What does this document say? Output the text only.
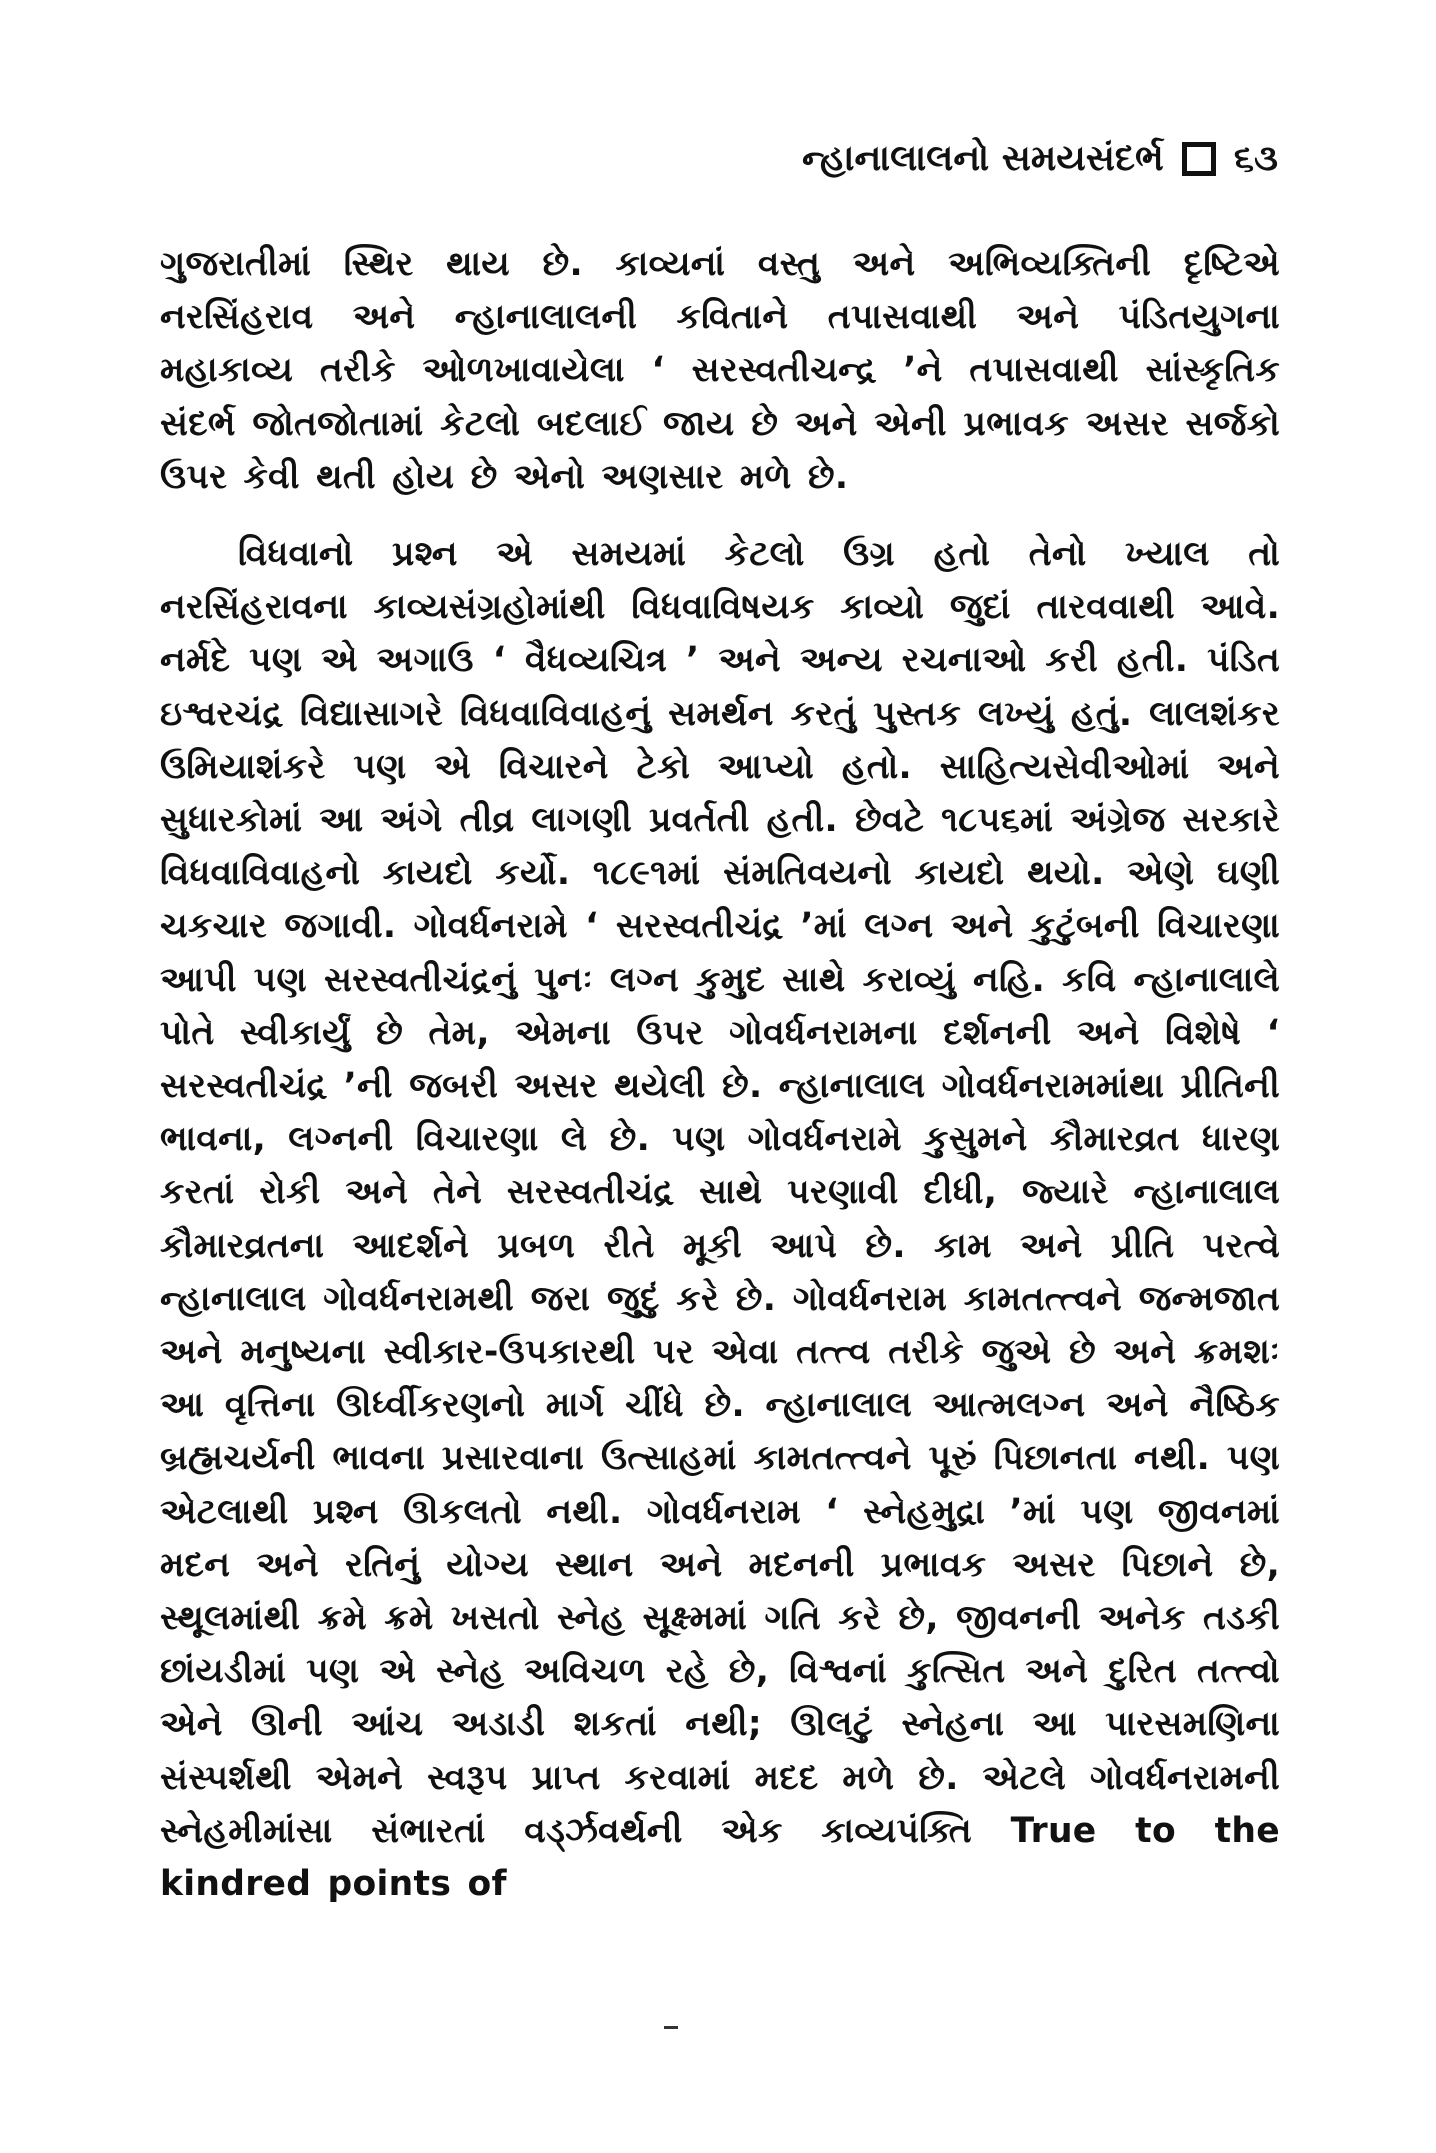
ન્હાનાલાલનો સમયસંદર્ભ ૬૩

ગુજરાતીમાં સ્થિર થાય છે. કાવ્યનાં વસ્તુ અને અભિવ્યક્તિની દૃષ્ટિએ નરસિંહરાવ અને ન્હાનાલાલની કવિતાને તપાસવાથી અને પંડિતયુગના મહાકાવ્ય તરીકે ઓળખાવાયેલા ‘ સરસ્વતીચન્દ્ર ’ને તપાસવાથી સાંસ્કૃતિક સંદર્ભ જોતજોતામાં કેટલો બદલાઈ જાય છે અને એની પ્રભાવક અસર સર્જકો ઉપર કેવી થતી હોય છે એનો અણસાર મળે છે.

વિધવાનો પ્રશ્ન એ સમયમાં કેટલો ઉગ્ર હતો તેનો ખ્યાલ તો નરસિંહરાવના કાવ્યસંગ્રહોમાંથી વિધવાવિષયક કાવ્યો જુદાં તારવવાથી આવે. નર્મદે પણ એ અગાઉ ‘ વૈધવ્યચિત્ર ’ અને અન્ય રચનાઓ કરી હતી. પંડિત ઇશ્વરચંદ્ર વિદ્યાસાગરે વિધવાવિવાહનું સમર્થન કરતું પુસ્તક લખ્યું હતું. લાલશંકર ઉમિયાશંકરે પણ એ વિચારને ટેકો આપ્યો હતો. સાહિત્યસેવીઓમાં અને સુધારકોમાં આ અંગે તીવ્ર લાગણી પ્રવર્તતી હતી. છેવટે ૧૮૫૬માં અંગ્રેજ સરકારે વિધવાવિવાહનો કાયદો કર્યો. ૧૮૯૧માં સંમતિવયનો કાયદો થયો. એણે ઘણી ચકચાર જગાવી. ગોવર્ધનરામે ‘ સરસ્વતીચંદ્ર ’માં લગ્ન અને કુટુંબની વિચારણા આપી પણ સરસ્વતીચંદ્રનું પુનઃ લગ્ન કુમુદ સાથે કરાવ્યું નહિ. કવિ ન્હાનાલાલે પોતે સ્વીકાર્યું છે તેમ, એમના ઉપર ગોવર્ધનરામના દર્શનની અને વિશેષે ‘ સરસ્વતીચંદ્ર ’ની જબરી અસર થયેલી છે. ન્હાનાલાલ ગોવર્ધનરામમાંથા પ્રીતિની ભાવના, લગ્નની વિચારણા લે છે. પણ ગોવર્ધનરામે કુસુમને કૌમારવ્રત ધારણ કરતાં રોકી અને તેને સરસ્વતીચંદ્ર સાથે પરણાવી દીધી, જ્યારે ન્હાનાલાલ કૌમારવ્રતના આદર્શને પ્રબળ રીતે મૂકી આપે છે. કામ અને પ્રીતિ પરત્વે ન્હાનાલાલ ગોવર્ધનરામથી જરા જુદું કરે છે. ગોવર્ધનરામ કામતત્ત્વને જન્મજાત અને મનુષ્યના સ્વીકાર-ઉપકારથી પર એવા તત્ત્વ તરીકે જુએ છે અને ક્રમશઃ આ વૃત્તિના ઊર્ધ્વીકરણનો માર્ગ ચીંધે છે. ન્હાનાલાલ આત્મલગ્ન અને નૈષ્ઠિક બ્રહ્મચર્યની ભાવના પ્રસારવાના ઉત્સાહમાં કામતત્ત્વને પૂરું પિછાનતા નથી. પણ એટલાથી પ્રશ્ન ઊકલતો નથી. ગોવર્ધનરામ ‘ સ્નેહમુદ્રા ’માં પણ જીવનમાં મદન અને રતિનું યોગ્ય સ્થાન અને મદનની પ્રભાવક અસર પિછાને છે, સ્થૂલમાંથી ક્રમે ક્રમે ખસતો સ્નેહ સૂક્ષ્મમાં ગતિ કરે છે, જીવનની અનેક તડકી છાંયડીમાં પણ એ સ્નેહ અવિચળ રહે છે, વિશ્વનાં કુત્સિત અને દુરિત તત્ત્વો એને ઊની આંચ અડાડી શકતાં નથી; ઊલટું સ્નેહના આ પારસમણિના સંસ્પર્શથી એમને સ્વરૂપ પ્રાપ્ત કરવામાં મદદ મળે છે. એટલે ગોવર્ધનરામની સ્નેહમીમાંસા સંભારતાં વર્ડ્ઝવર્થની એક કાવ્યપંક્તિ True to the kindred points of
